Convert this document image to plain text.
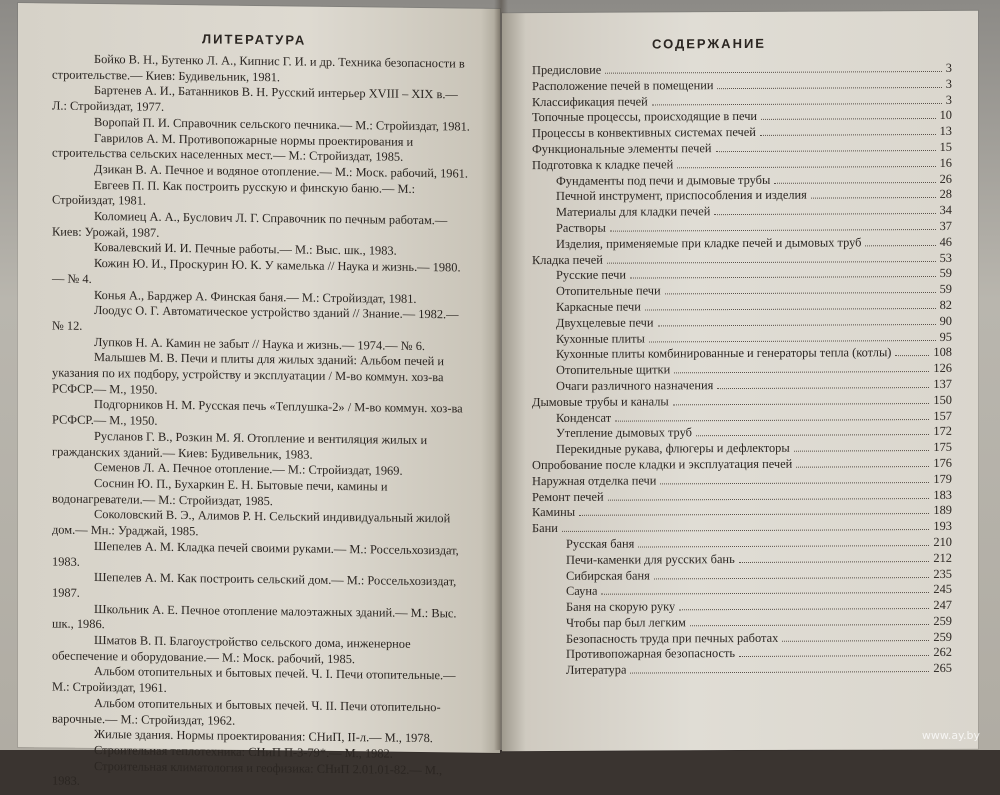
ЛИТЕРАТУРА
Бойко В. Н., Бутенко Л. А., Кипнис Г. И. и др. Техника безопасности в строительстве.— Киев: Будивельник, 1981.
Бартенев А. И., Батанников В. Н. Русский интерьер XVIII – XIX в.— Л.: Стройиздат, 1977.
Воропай П. И. Справочник сельского печника.— М.: Стройиздат, 1981.
Гаврилов А. М. Противопожарные нормы проектирования и строительства сельских населенных мест.— М.: Стройиздат, 1985.
Дзикан В. А. Печное и водяное отопление.— М.: Моск. рабочий, 1961.
Евгеев П. П. Как построить русскую и финскую баню.— М.: Стройиздат, 1981.
Коломиец А. А., Буслович Л. Г. Справочник по печным работам.— Киев: Урожай, 1987.
Ковалевский И. И. Печные работы.— М.: Выс. шк., 1983.
Кожин Ю. И., Проскурин Ю. К. У камелька // Наука и жизнь.— 1980.— № 4.
Конья А., Барджер А. Финская баня.— М.: Стройиздат, 1981.
Лоодус О. Г. Автоматическое устройство зданий // Знание.— 1982.— № 12.
Лупков Н. А. Камин не забыт // Наука и жизнь.— 1974.— № 6.
Малышев М. В. Печи и плиты для жилых зданий: Альбом печей и указания по их подбору, устройству и эксплуатации / М-во коммун. хоз-ва РСФСР.— М., 1950.
Подгорников Н. М. Русская печь «Теплушка-2» / М-во коммун. хоз-ва РСФСР.— М., 1950.
Русланов Г. В., Розкин М. Я. Отопление и вентиляция жилых и гражданских зданий.— Киев: Будивельник, 1983.
Семенов Л. А. Печное отопление.— М.: Стройиздат, 1969.
Соснин Ю. П., Бухаркин Е. Н. Бытовые печи, камины и водонагреватели.— М.: Стройиздат, 1985.
Соколовский В. Э., Алимов Р. Н. Сельский индивидуальный жилой дом.— Мн.: Ураджай, 1985.
Шепелев А. М. Кладка печей своими руками.— М.: Россельхозиздат, 1983.
Шепелев А. М. Как построить сельский дом.— М.: Россельхозиздат, 1987.
Школьник А. Е. Печное отопление малоэтажных зданий.— М.: Выс. шк., 1986.
Шматов В. П. Благоустройство сельского дома, инженерное обеспечение и оборудование.— М.: Моск. рабочий, 1985.
Альбом отопительных и бытовых печей. Ч. I. Печи отопительные.— М.: Стройиздат, 1961.
Альбом отопительных и бытовых печей. Ч. II. Печи отопительно-варочные.— М.: Стройиздат, 1962.
Жилые здания. Нормы проектирования: СНиП, II-л.— М., 1978.
Строительная теплотехника: СНиП П-3-79*.— М., 1982.
Строительная климатология и геофизика: СНиП 2.01.01-82.— М., 1983.
СОДЕРЖАНИЕ
Предисловие	3
Расположение печей в помещении	3
Классификация печей	3
Топочные процессы, происходящие в печи	10
Процессы в конвективных системах печей	13
Функциональные элементы печей	15
Подготовка к кладке печей	16
Фундаменты под печи и дымовые трубы	26
Печной инструмент, приспособления и изделия	28
Материалы для кладки печей	34
Растворы	37
Изделия, применяемые при кладке печей и дымовых труб	46
Кладка печей	53
Русские печи	59
Отопительные печи	59
Каркасные печи	82
Двухцелевые печи	90
Кухонные плиты	95
Кухонные плиты комбинированные и генераторы тепла (котлы)	108
Отопительные щитки	126
Очаги различного назначения	137
Дымовые трубы и каналы	150
Конденсат	157
Утепление дымовых труб	172
Перекидные рукава, флюгеры и дефлекторы	175
Опробование после кладки и эксплуатация печей	176
Наружная отделка печи	179
Ремонт печей	183
Камины	189
Бани	193
Русская баня	210
Печи-каменки для русских бань	212
Сибирская баня	235
Сауна	245
Баня на скорую руку	247
Чтобы пар был легким	259
Безопасность труда при печных работах	259
Противопожарная безопасность	262
Литература	265
www.ay.by
